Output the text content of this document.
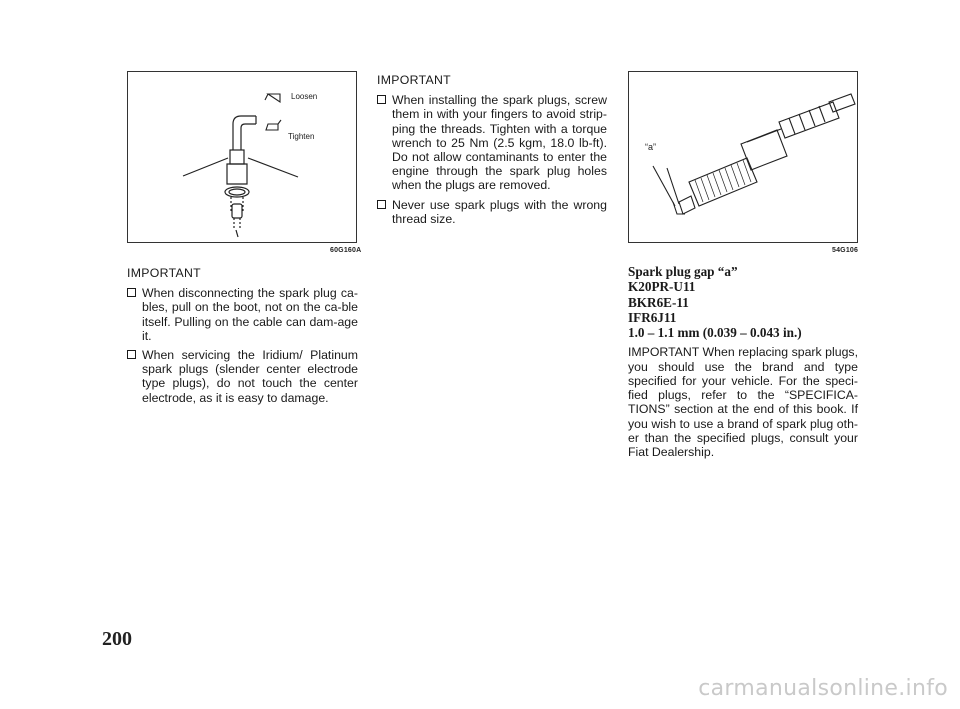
Loosen
Tighten
60G160A
“a”
54G106

IMPORTANT

When disconnecting the spark plug ca-bles, pull on the boot, not on the ca-ble itself. Pulling on the cable can dam-age it.

When servicing the Iridium/ Platinum spark plugs (slender center electrode type plugs), do not touch the center electrode, as it is easy to damage.

IMPORTANT

When installing the spark plugs, screw them in with your fingers to avoid strip-ping the threads. Tighten with a torque wrench to 25 Nm (2.5 kgm, 18.0 lb-ft). Do not allow contaminants to enter the engine through the spark plug holes when the plugs are removed.

Never use spark plugs with the wrong thread size.

Spark plug gap “a”

K20PR-U11

BKR6E-11

IFR6J11

1.0 – 1.1 mm (0.039 – 0.043 in.)

IMPORTANT When replacing spark plugs, you should use the brand and type specified for your vehicle. For the speci-fied plugs, refer to the “SPECIFICA-TIONS” section at the end of this book. If you wish to use a brand of spark plug oth-er than the specified plugs, consult your Fiat Dealership.

200
carmanualsonline.info
